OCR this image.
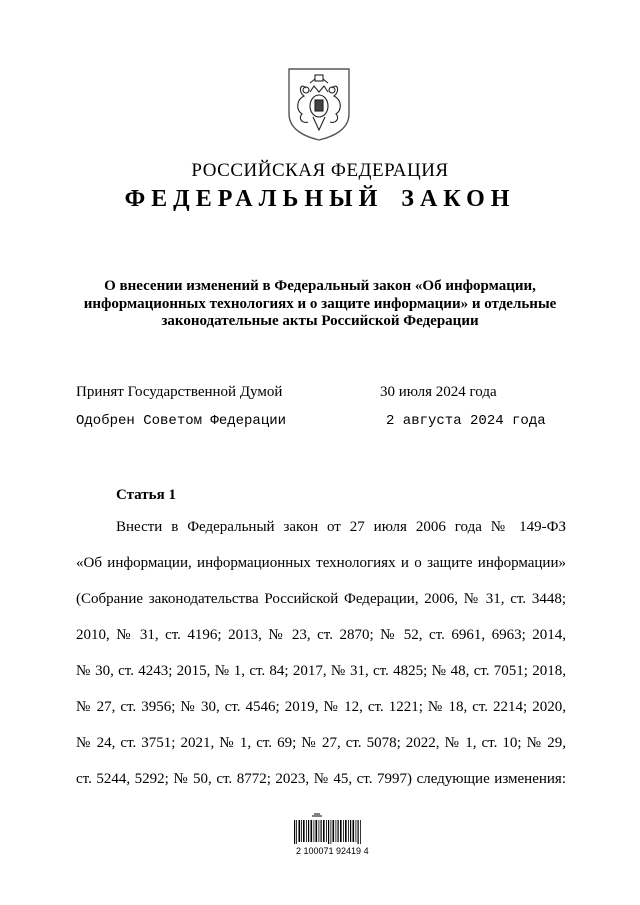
РОССИЙСКАЯ ФЕДЕРАЦИЯ
ФЕДЕРАЛЬНЫЙ ЗАКОН
О внесении изменений в Федеральный закон «Об информации,
информационных технологиях и о защите информации» и отдельные
законодательные акты Российской Федерации
Принят Государственной Думой	30 июля 2024 года
Одобрен Советом Федерации	2 августа 2024 года
Статья 1
Внести в Федеральный закон от 27 июля 2006 года № 149-ФЗ
«Об информации, информационных технологиях и о защите информации»
(Собрание законодательства Российской Федерации, 2006, № 31, ст. 3448;
2010, № 31, ст. 4196; 2013, № 23, ст. 2870; № 52, ст. 6961, 6963; 2014,
№ 30, ст. 4243; 2015, № 1, ст. 84; 2017, № 31, ст. 4825; № 48, ст. 7051; 2018,
№ 27, ст. 3956; № 30, ст. 4546; 2019, № 12, ст. 1221; № 18, ст. 2214; 2020,
№ 24, ст. 3751; 2021, № 1, ст. 69; № 27, ст. 5078; 2022, № 1, ст. 10; № 29,
ст. 5244, 5292; № 50, ст. 8772; 2023, № 45, ст. 7997) следующие изменения:
2 100071 92419 4
